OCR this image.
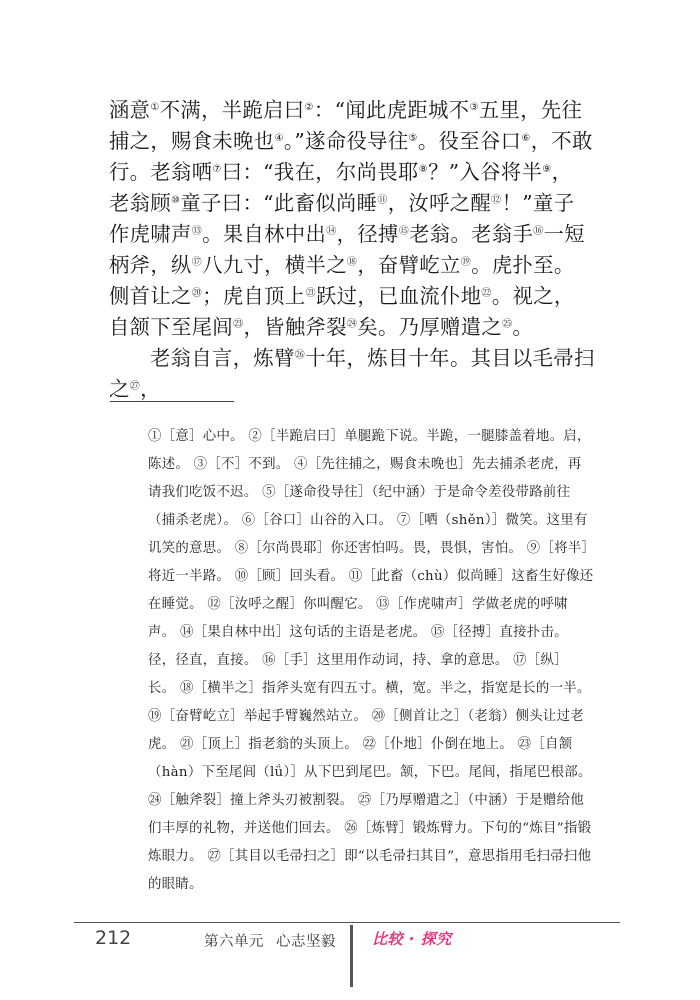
涵意①不满，半跪启曰②：“闻此虎距城不③五里，先往捕之，赐食未晚也④。”遂命役导往⑤。役至谷口⑥，不敢行。老翁哂⑦曰：“我在，尔尚畏耶⑧？”入谷将半⑨， 老翁顾⑩童子曰：“此畜似尚睡⑪，汝呼之醒⑫！”童子作虎啸声⑬。果自林中出⑭，径搏⑮老翁。老翁手⑯一短柄斧，纵⑰八九寸，横半之⑱，奋臂屹立⑲。虎扑至。侧首让之⑳；虎自顶上$^㉑$跃过，已血流仆地$^㉒$。视之，自颔下至尾闾$^㉓$，皆触斧裂$^㉔$矣。乃厚赠遣之$^㉕$。

老翁自言，炼臂$^㉖$十年，炼目十年。其目以毛帚扫之$^㉗$，

①［意］心中。 ②［半跪启曰］单腿跪下说。半跪，一腿膝盖着地。启，陈述。 ③［不］不到。 ④［先往捕之，赐食未晚也］先去捕杀老虎，再请我们吃饭不迟。 ⑤［遂命役导往］（纪中涵）于是命令差役带路前往（捕杀老虎）。 ⑥［谷口］山谷的入口。 ⑦［哂（shěn）］微笑。这里有讥笑的意思。 ⑧［尔尚畏耶］你还害怕吗。畏，畏惧，害怕。 ⑨［将半］将近一半路。 ⑩［顾］回头看。 ⑪［此畜（chù）似尚睡］这畜生好像还在睡觉。 ⑫［汝呼之醒］你叫醒它。 ⑬［作虎啸声］学做老虎的呼啸声。 ⑭［果自林中出］这句话的主语是老虎。 ⑮［径搏］直接扑击。径，径直，直接。 ⑯［手］这里用作动词，持、拿的意思。 ⑰［纵］长。 ⑱［横半之］指斧头宽有四五寸。横，宽。半之，指宽是长的一半。 ⑲［奋臂屹立］举起手臂巍然站立。 ⑳［侧首让之］（老翁）侧头让过老虎。 ㉑［顶上］指老翁的头顶上。 ㉒［仆地］仆倒在地上。 ㉓［自颔（hàn）下至尾闾（lǘ）］从下巴到尾巴。颔，下巴。尾闾，指尾巴根部。 ㉔［触斧裂］撞上斧头刃被割裂。 ㉕［乃厚赠遣之］（中涵）于是赠给他们丰厚的礼物，并送他们回去。 ㉖［炼臂］锻炼臂力。下句的“炼目”指锻炼眼力。 ㉗［其目以毛帚扫之］即“以毛帚扫其目”，意思指用毛扫帚扫他的眼睛。

212	第六单元 心志坚毅 比较 · 探究
